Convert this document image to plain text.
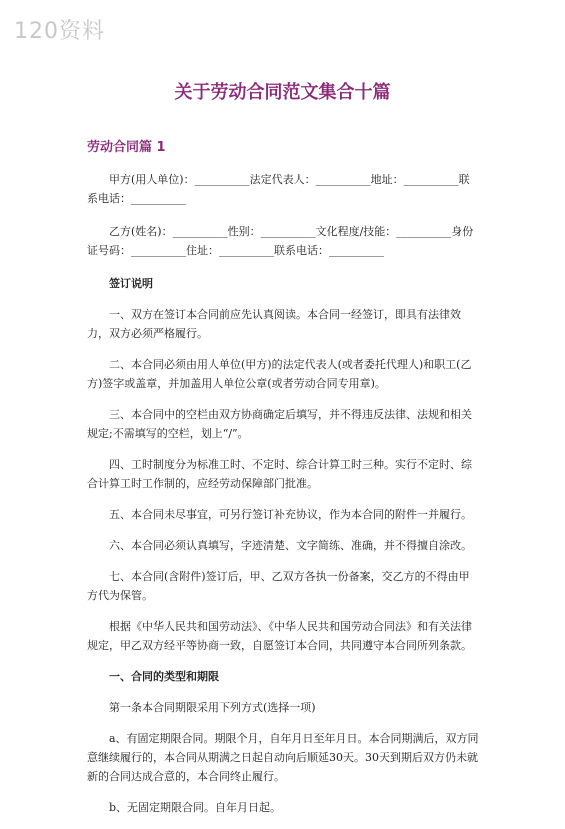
120资料
关于劳动合同范文集合十篇
劳动合同篇 1

甲方(用人单位)：__________法定代表人：__________地址：__________联系电话：__________

乙方(姓名)：__________性别：__________文化程度/技能：__________身份证号码：__________住址：__________联系电话：__________

签订说明

一、双方在签订本合同前应先认真阅读。本合同一经签订，即具有法律效力，双方必须严格履行。

二、本合同必须由用人单位(甲方)的法定代表人(或者委托代理人)和职工(乙方)签字或盖章，并加盖用人单位公章(或者劳动合同专用章)。

三、本合同中的空栏由双方协商确定后填写，并不得违反法律、法规和相关规定;不需填写的空栏，划上“/”。

四、工时制度分为标准工时、不定时、综合计算工时三种。实行不定时、综合计算工时工作制的，应经劳动保障部门批准。

五、本合同未尽事宜，可另行签订补充协议，作为本合同的附件一并履行。

六、本合同必须认真填写，字迹清楚、文字简练、准确，并不得擅自涂改。

七、本合同(含附件)签订后，甲、乙双方各执一份备案，交乙方的不得由甲方代为保管。

根据《中华人民共和国劳动法》、《中华人民共和国劳动合同法》和有关法律规定，甲乙双方经平等协商一致，自愿签订本合同，共同遵守本合同所列条款。

一、合同的类型和期限

第一条本合同期限采用下列方式(选择一项)

a、有固定期限合同。期限个月，自年月日至年月日。本合同期满后，双方同意继续履行的，本合同从期满之日起自动向后顺延30天。30天到期后双方仍未就新的合同达成合意的，本合同终止履行。

b、无固定期限合同。自年月日起。
